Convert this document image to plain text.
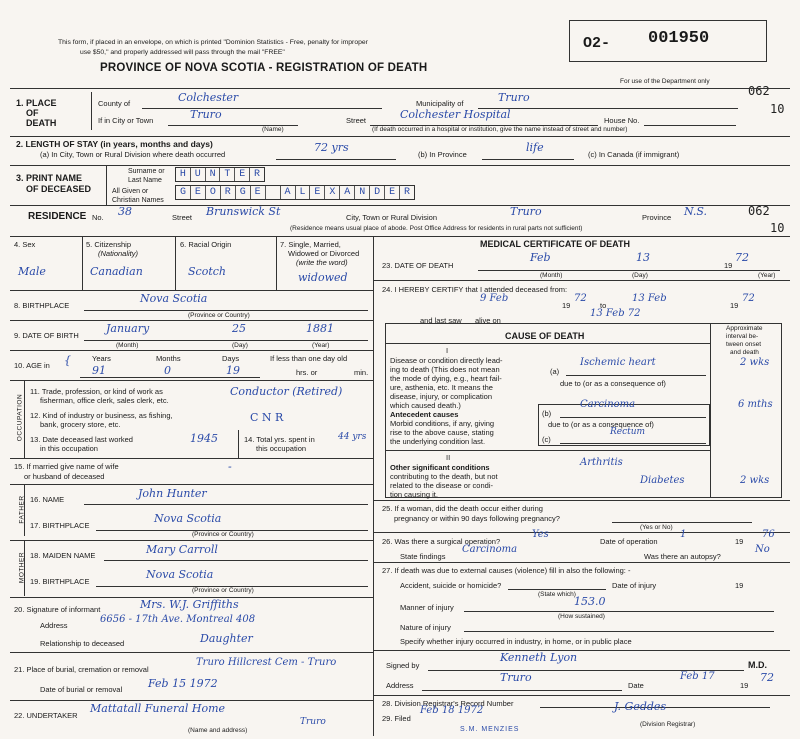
This form, if placed in an envelope, on which is printed "Dominion Statistics - Free, penalty for improper
use $50," and properly addressed will pass through the mail "FREE"
PROVINCE OF NOVA SCOTIA - REGISTRATION OF DEATH
O2- 001950
For use of the Department only
062
10
1. PLACE
OF
DEATH
County of	Colchester	Municipality of	Truro
If in City or Town	Truro
(Name)
Street	Colchester Hospital	House No.
(If death occurred in a hospital or institution, give the name instead of street and number)
2. LENGTH OF STAY (in years, months and days)
(a) In City, Town or Rural Division where death occurred
72 yrs
(b) In Province
life
(c) In Canada (if immigrant)
3. PRINT NAME
OF DECEASED
Surname or
Last Name
All Given or
Christian Names
H U N T E R
G E O R G E	A L E X A N D E R
RESIDENCE No. 38	Street Brunswick St	City, Town or Rural Division	Truro	Province N.S.	062
10
(Residence means usual place of abode. Post Office Address for residents in rural parts not sufficient)
4. Sex
Male
5. Citizenship
(Nationality)
Canadian
6. Racial Origin
Scotch
7. Single, Married,
Widowed or Divorced
(write the word)
widowed
8. BIRTHPLACE
Nova Scotia
(Province or Country)
9. DATE OF BIRTH
January	25	1881
(Month)	(Day)	(Year)
10. AGE in {	Years
91
Months
0
Days
19
If less than one day old
hrs. or	min.
OCCUPATION
11. Trade, profession, or kind of work as
fisherman, office clerk, sales clerk, etc.
Conductor (Retired)
12. Kind of industry or business, as fishing,
bank, grocery store, etc.
C N R
13. Date deceased last worked
in this occupation
1945	14. Total yrs. spent in
this occupation
44 yrs
15. If married give name of wife
or husband of deceased
-
FATHER 16. NAME	John Hunter
17. BIRTHPLACE
Nova Scotia
(Province or Country)
MOTHER 18. MAIDEN NAME	Mary Carroll
19. BIRTHPLACE
Nova Scotia
(Province or Country)
20. Signature of informant	Mrs. W.J. Griffiths
Address
6656 - 17th Ave. Montreal 408
Relationship to deceased	Daughter
21. Place of burial, cremation or removal
Truro Hillcrest Cem - Truro
Date of burial or removal Feb 15 1972
22. UNDERTAKER
Mattatall Funeral Home
Truro
(Name and address)
MEDICAL CERTIFICATE OF DEATH
23. DATE OF DEATH
Feb	13
19
72
(Month)	(Day)	(Year)
24. I HEREBY CERTIFY that I attended deceased from:
9 Feb
19
72
to
13 Feb
19
72
and last saw alive on
13 Feb 72
CAUSE OF DEATH
Approximate
interval be-
tween onset
and death
I
Disease or condition directly lead-
ing to death (This does not mean
the mode of dying, e.g., heart fail-
ure, asthenia, etc. It means the
disease, injury, or complication
which caused death.)
(a)
Ischemic heart	2 wks
due to (or as a consequence of)
Antecedent causes
Morbid conditions, if any, giving
rise to the above cause, stating
the underlying condition last.
(b)
Carcinoma	6 mths
due to (or as a consequence of)
(c)
Rectum
II
Other significant conditions
contributing to the death, but not
related to the disease or condi-
tion causing it.
Arthritis
Diabetes	2 wks
25. If a woman, did the death occur either during
pregnancy or within 90 days following pregnancy?
(Yes or No)
26. Was there a surgical operation?
Yes
Date of operation
1
19
76
State findings
Carcinoma
Was there an autopsy?
No
27. If death was due to external causes (violence) fill in also the following: -
Accident, suicide or homicide?	Date of injury	19
(State which)
Manner of injury	153.0
(How sustained)
Nature of injury
Specify whether injury occurred in industry, in home, or in public place
Signed by
Kenneth Lyon
M.D.
Address
Truro
Date
Feb 17
19
72
28. Division Registrar's Record Number
29. Filed
Feb 18 1972	J. Geddes
(Division Registrar)
S.M. MENZIES
